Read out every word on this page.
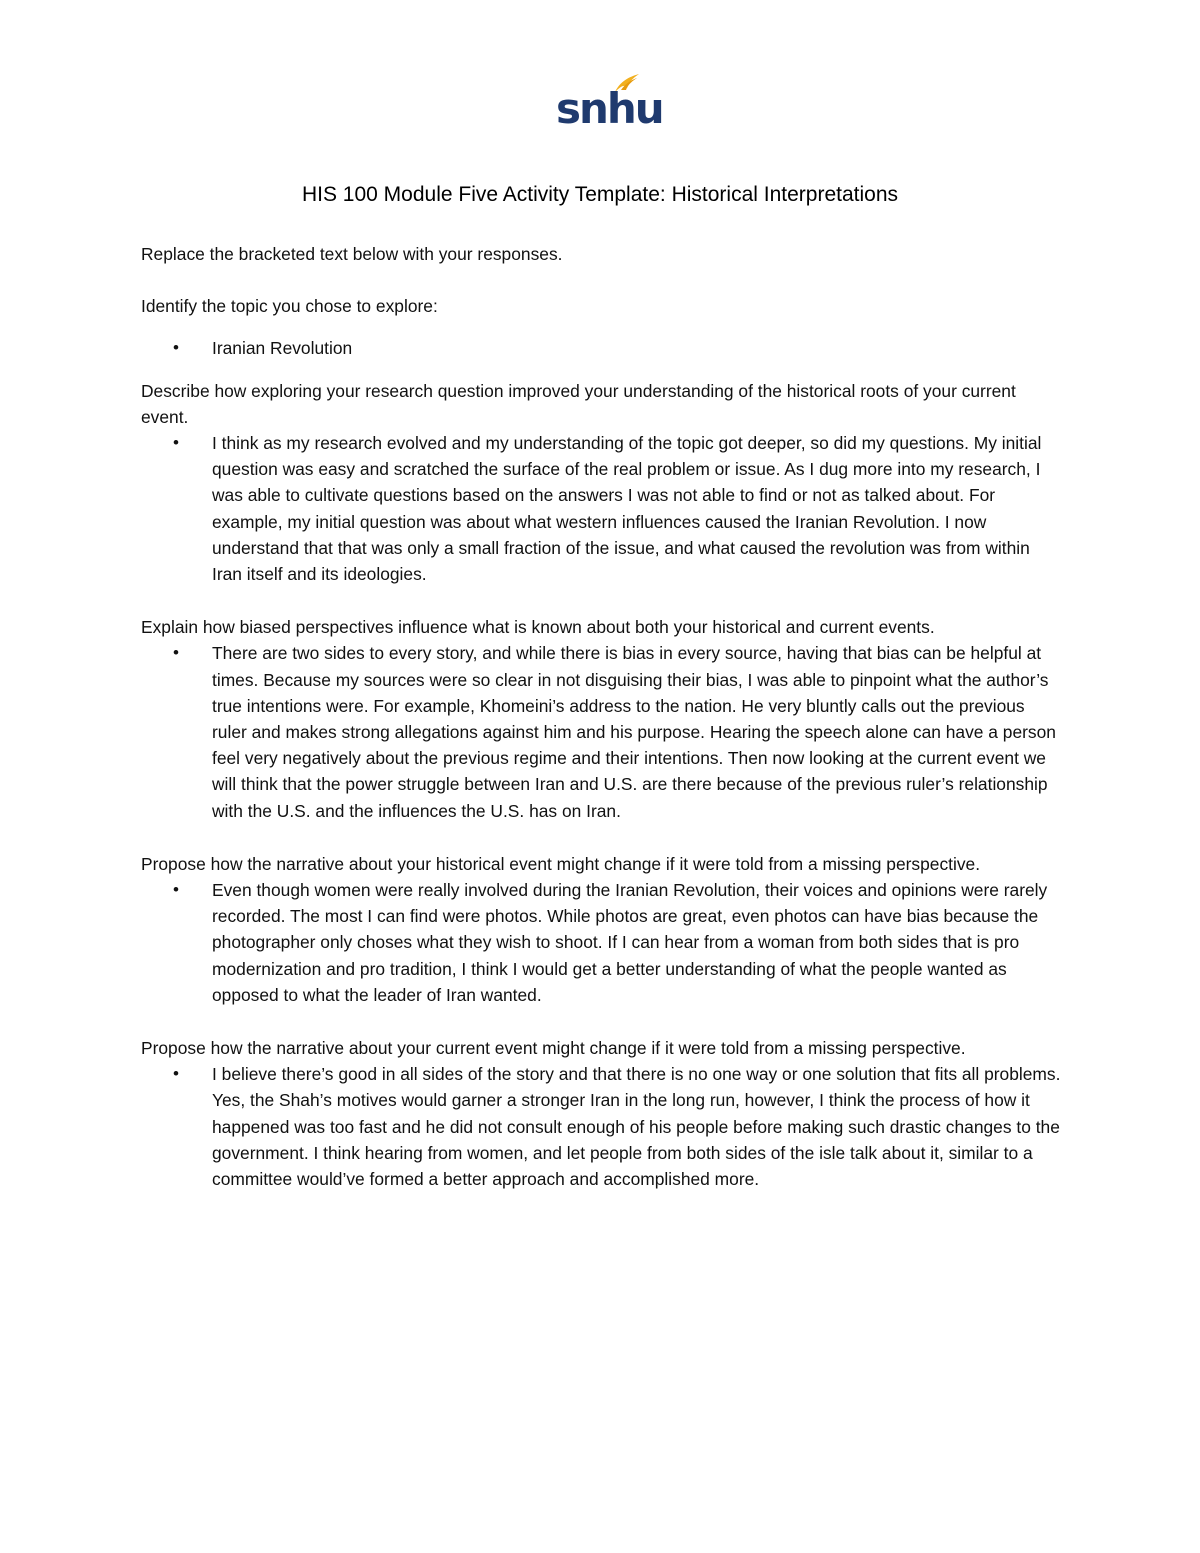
snhu
HIS 100 Module Five Activity Template: Historical Interpretations

Replace the bracketed text below with your responses.

Identify the topic you chose to explore:

• Iranian Revolution

Describe how exploring your research question improved your understanding of the historical roots of your current event.

• I think as my research evolved and my understanding of the topic got deeper, so did my questions. My initial question was easy and scratched the surface of the real problem or issue. As I dug more into my research, I was able to cultivate questions based on the answers I was not able to find or not as talked about. For example, my initial question was about what western influences caused the Iranian Revolution. I now understand that that was only a small fraction of the issue, and what caused the revolution was from within Iran itself and its ideologies.

Explain how biased perspectives influence what is known about both your historical and current events.

• There are two sides to every story, and while there is bias in every source, having that bias can be helpful at times. Because my sources were so clear in not disguising their bias, I was able to pinpoint what the author’s true intentions were. For example, Khomeini’s address to the nation. He very bluntly calls out the previous ruler and makes strong allegations against him and his purpose. Hearing the speech alone can have a person feel very negatively about the previous regime and their intentions. Then now looking at the current event we will think that the power struggle between Iran and U.S. are there because of the previous ruler’s relationship with the U.S. and the influences the U.S. has on Iran.

Propose how the narrative about your historical event might change if it were told from a missing perspective.

• Even though women were really involved during the Iranian Revolution, their voices and opinions were rarely recorded. The most I can find were photos. While photos are great, even photos can have bias because the photographer only choses what they wish to shoot. If I can hear from a woman from both sides that is pro modernization and pro tradition, I think I would get a better understanding of what the people wanted as opposed to what the leader of Iran wanted.

Propose how the narrative about your current event might change if it were told from a missing perspective.

• I believe there’s good in all sides of the story and that there is no one way or one solution that fits all problems. Yes, the Shah’s motives would garner a stronger Iran in the long run, however, I think the process of how it happened was too fast and he did not consult enough of his people before making such drastic changes to the government. I think hearing from women, and let people from both sides of the isle talk about it, similar to a committee would’ve formed a better approach and accomplished more.
